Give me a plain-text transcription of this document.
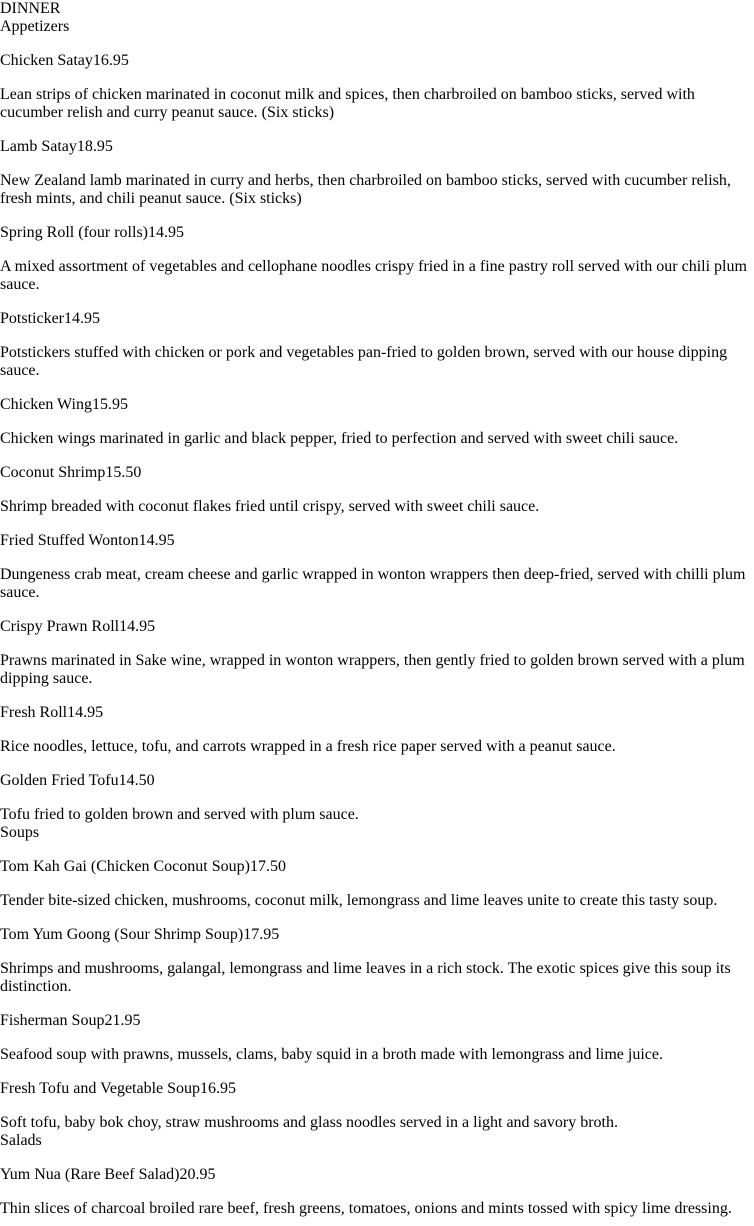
DINNER
Appetizers

Chicken Satay16.95

Lean strips of chicken marinated in coconut milk and spices, then charbroiled on bamboo sticks, served with cucumber relish and curry peanut sauce. (Six sticks)

Lamb Satay18.95

New Zealand lamb marinated in curry and herbs, then charbroiled on bamboo sticks, served with cucumber relish, fresh mints, and chili peanut sauce. (Six sticks)

Spring Roll (four rolls)14.95

A mixed assortment of vegetables and cellophane noodles crispy fried in a fine pastry roll served with our chili plum sauce.

Potsticker14.95

Potstickers stuffed with chicken or pork and vegetables pan-fried to golden brown, served with our house dipping sauce.

Chicken Wing15.95

Chicken wings marinated in garlic and black pepper, fried to perfection and served with sweet chili sauce.

Coconut Shrimp15.50

Shrimp breaded with coconut flakes fried until crispy, served with sweet chili sauce.

Fried Stuffed Wonton14.95

Dungeness crab meat, cream cheese and garlic wrapped in wonton wrappers then deep-fried, served with chilli plum sauce.

Crispy Prawn Roll14.95

Prawns marinated in Sake wine, wrapped in wonton wrappers, then gently fried to golden brown served with a plum dipping sauce.

Fresh Roll14.95

Rice noodles, lettuce, tofu, and carrots wrapped in a fresh rice paper served with a peanut sauce.

Golden Fried Tofu14.50

Tofu fried to golden brown and served with plum sauce.

Soups

Tom Kah Gai (Chicken Coconut Soup)17.50

Tender bite-sized chicken, mushrooms, coconut milk, lemongrass and lime leaves unite to create this tasty soup.

Tom Yum Goong (Sour Shrimp Soup)17.95

Shrimps and mushrooms, galangal, lemongrass and lime leaves in a rich stock. The exotic spices give this soup its distinction.

Fisherman Soup21.95

Seafood soup with prawns, mussels, clams, baby squid in a broth made with lemongrass and lime juice.

Fresh Tofu and Vegetable Soup16.95

Soft tofu, baby bok choy, straw mushrooms and glass noodles served in a light and savory broth.

Salads

Yum Nua (Rare Beef Salad)20.95

Thin slices of charcoal broiled rare beef, fresh greens, tomatoes, onions and mints tossed with spicy lime dressing.
